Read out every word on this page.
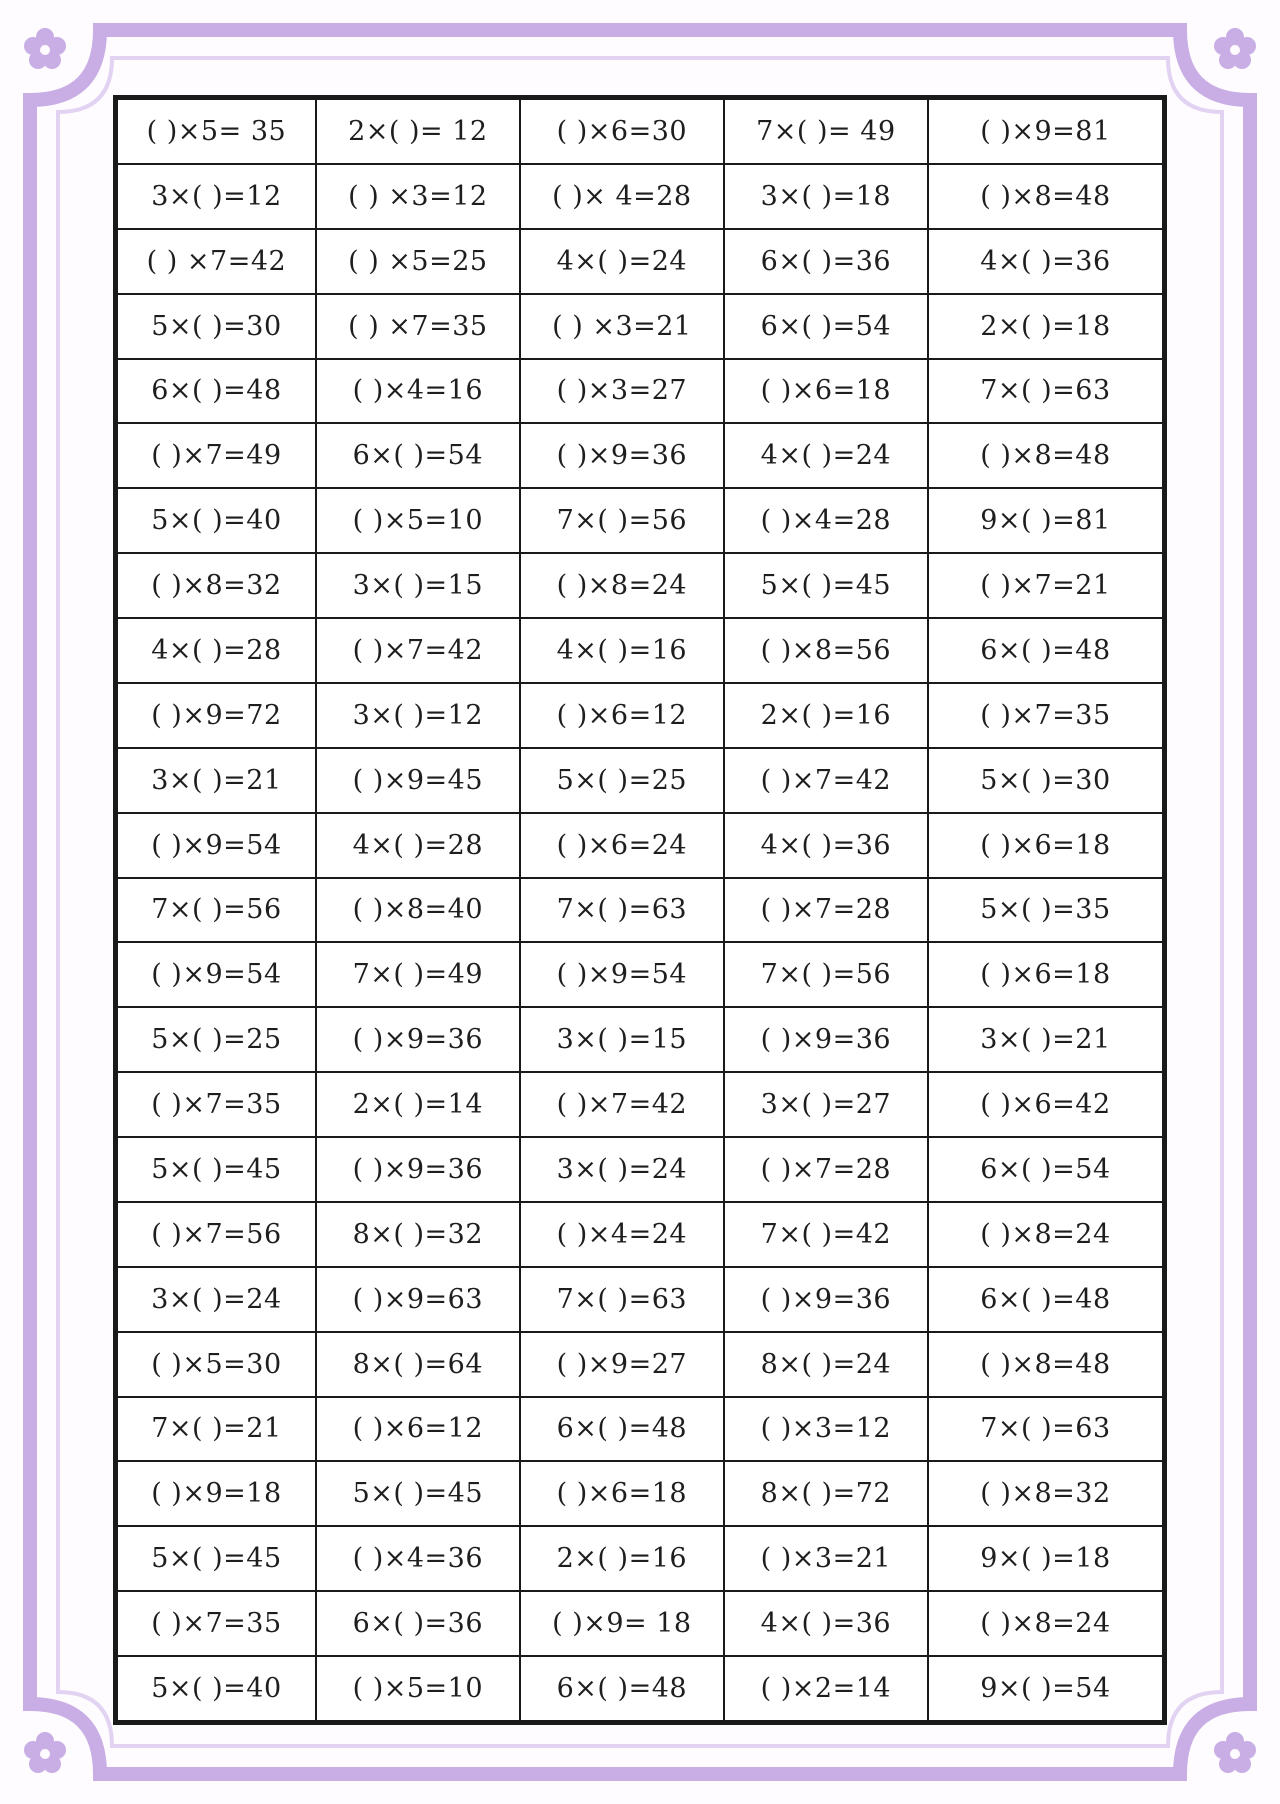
( )×5= 35	2×( )= 12	( )×6=30	7×( )= 49	( )×9=81
3×( )=12	( ) ×3=12	( )× 4=28	3×( )=18	( )×8=48
( ) ×7=42	( ) ×5=25	4×( )=24	6×( )=36	4×( )=36
5×( )=30	( ) ×7=35	( ) ×3=21	6×( )=54	2×( )=18
6×( )=48	( )×4=16	( )×3=27	( )×6=18	7×( )=63
( )×7=49	6×( )=54	( )×9=36	4×( )=24	( )×8=48
5×( )=40	( )×5=10	7×( )=56	( )×4=28	9×( )=81
( )×8=32	3×( )=15	( )×8=24	5×( )=45	( )×7=21
4×( )=28	( )×7=42	4×( )=16	( )×8=56	6×( )=48
( )×9=72	3×( )=12	( )×6=12	2×( )=16	( )×7=35
3×( )=21	( )×9=45	5×( )=25	( )×7=42	5×( )=30
( )×9=54	4×( )=28	( )×6=24	4×( )=36	( )×6=18
7×( )=56	( )×8=40	7×( )=63	( )×7=28	5×( )=35
( )×9=54	7×( )=49	( )×9=54	7×( )=56	( )×6=18
5×( )=25	( )×9=36	3×( )=15	( )×9=36	3×( )=21
( )×7=35	2×( )=14	( )×7=42	3×( )=27	( )×6=42
5×( )=45	( )×9=36	3×( )=24	( )×7=28	6×( )=54
( )×7=56	8×( )=32	( )×4=24	7×( )=42	( )×8=24
3×( )=24	( )×9=63	7×( )=63	( )×9=36	6×( )=48
( )×5=30	8×( )=64	( )×9=27	8×( )=24	( )×8=48
7×( )=21	( )×6=12	6×( )=48	( )×3=12	7×( )=63
( )×9=18	5×( )=45	( )×6=18	8×( )=72	( )×8=32
5×( )=45	( )×4=36	2×( )=16	( )×3=21	9×( )=18
( )×7=35	6×( )=36	( )×9= 18	4×( )=36	( )×8=24
5×( )=40	( )×5=10	6×( )=48	( )×2=14	9×( )=54
